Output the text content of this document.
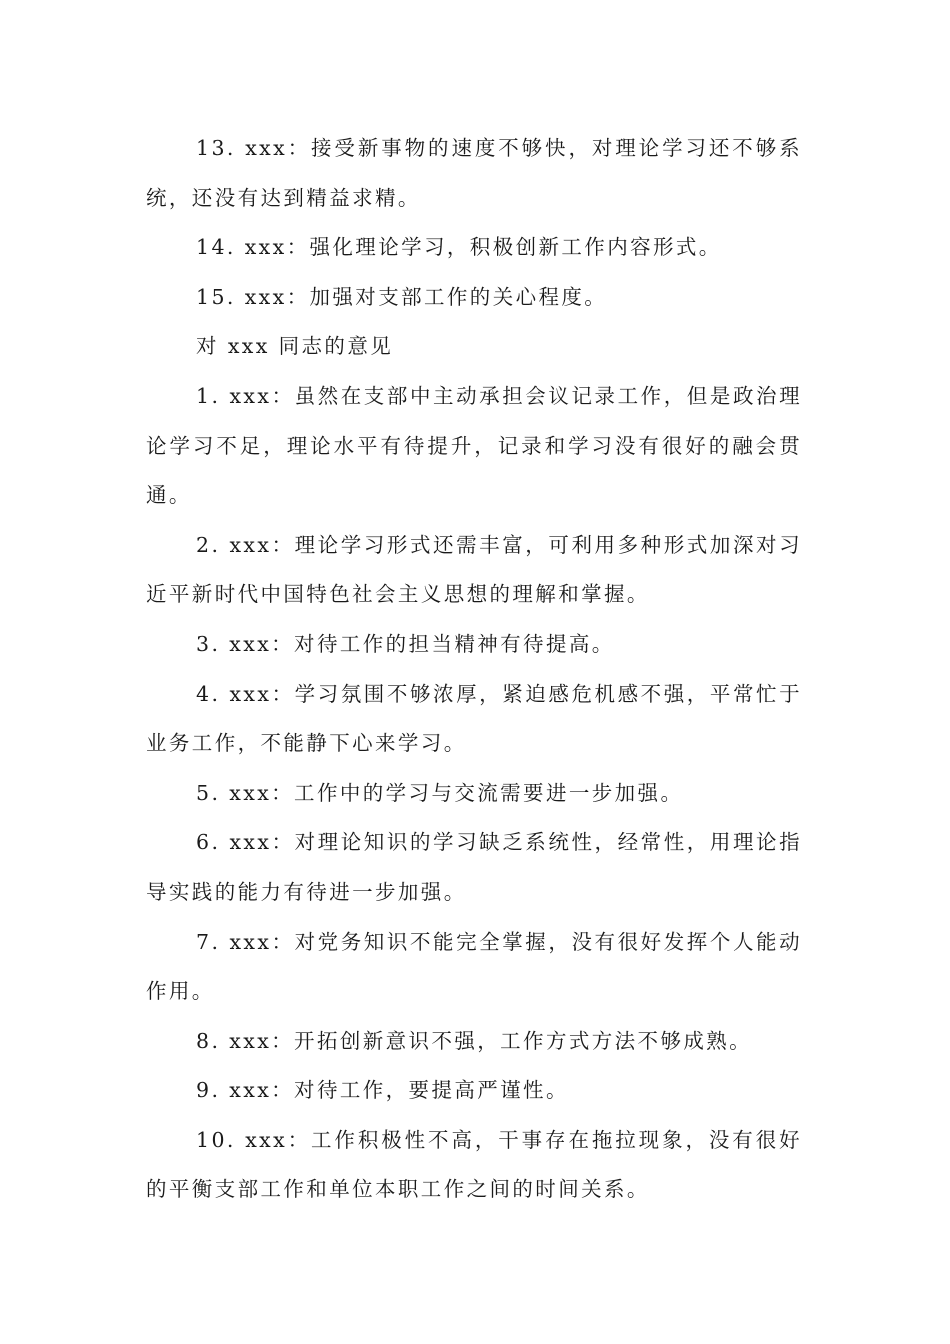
13. xxx：接受新事物的速度不够快，对理论学习还不够系统，还没有达到精益求精。

14. xxx：强化理论学习，积极创新工作内容形式。

15. xxx：加强对支部工作的关心程度。

对 xxx 同志的意见

1. xxx：虽然在支部中主动承担会议记录工作，但是政治理论学习不足，理论水平有待提升，记录和学习没有很好的融会贯通。

2. xxx：理论学习形式还需丰富，可利用多种形式加深对习近平新时代中国特色社会主义思想的理解和掌握。

3. xxx：对待工作的担当精神有待提高。

4. xxx：学习氛围不够浓厚，紧迫感危机感不强，平常忙于业务工作，不能静下心来学习。

5. xxx：工作中的学习与交流需要进一步加强。

6. xxx：对理论知识的学习缺乏系统性，经常性，用理论指导实践的能力有待进一步加强。

7. xxx：对党务知识不能完全掌握，没有很好发挥个人能动作用。

8. xxx：开拓创新意识不强，工作方式方法不够成熟。

9. xxx：对待工作，要提高严谨性。

10. xxx：工作积极性不高，干事存在拖拉现象，没有很好的平衡支部工作和单位本职工作之间的时间关系。
